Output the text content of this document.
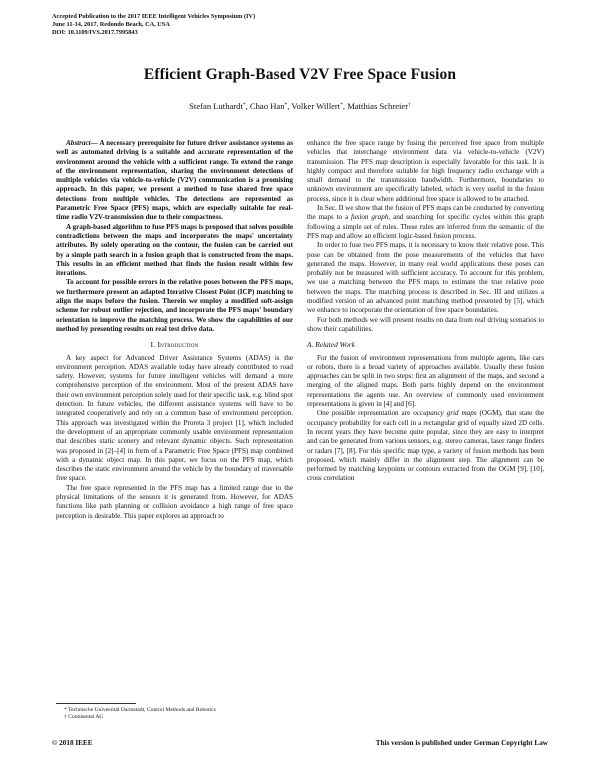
Accepted Publication to the 2017 IEEE Intelligent Vehicles Symposium (IV)
June 11-14, 2017, Redondo Beach, CA, USA
DOI: 10.1109/IVS.2017.7995843
Efficient Graph-Based V2V Free Space Fusion
Stefan Luthardt*, Chao Han*, Volker Willert*, Matthias Schreier†

Abstract— A necessary prerequisite for future driver assistance systems as well as automated driving is a suitable and accurate representation of the environment around the vehicle with a sufficient range. To extend the range of the environment representation, sharing the environment detections of multiple vehicles via vehicle-to-vehicle (V2V) communication is a promising approach. In this paper, we present a method to fuse shared free space detections from multiple vehicles. The detections are represented as Parametric Free Space (PFS) maps, which are especially suitable for real-time radio V2V-transmission due to their compactness.

A graph-based algorithm to fuse PFS maps is proposed that solves possible contradictions between the maps and incorporates the maps' uncertainty attributes. By solely operating on the contour, the fusion can be carried out by a simple path search in a fusion graph that is constructed from the maps. This results in an efficient method that finds the fusion result within few iterations.

To account for possible errors in the relative poses between the PFS maps, we furthermore present an adapted Iterative Closest Point (ICP) matching to align the maps before the fusion. Therein we employ a modified soft-assign scheme for robust outlier rejection, and incorporate the PFS maps' boundary orientation to improve the matching process. We show the capabilities of our method by presenting results on real test drive data.

I. Introduction

A key aspect for Advanced Driver Assistance Systems (ADAS) is the environment perception. ADAS available today have already contributed to road safety. However, systems for future intelligent vehicles will demand a more comprehensive perception of the environment. Most of the present ADAS have their own environment perception solely used for their specific task, e.g. blind spot detection. In future vehicles, the different assistance systems will have to be integrated cooperatively and rely on a common base of environment perception. This approach was investigated within the Proreta 3 project [1], which included the development of an appropriate commonly usable environment representation that describes static scenery and relevant dynamic objects. Such representation was proposed in [2]–[4] in form of a Parametric Free Space (PFS) map combined with a dynamic object map. In this paper, we focus on the PFS map, which describes the static environment around the vehicle by the boundary of traversable free space.

The free space represented in the PFS map has a limited range due to the physical limitations of the sensors it is generated from. However, for ADAS functions like path planning or collision avoidance a high range of free space perception is desirable. This paper explores an approach to

enhance the free space range by fusing the perceived free space from multiple vehicles that interchange environment data via vehicle-to-vehicle (V2V) transmission. The PFS map description is especially favorable for this task. It is highly compact and therefore suitable for high frequency radio exchange with a small demand to the transmission bandwidth. Furthermore, boundaries to unknown environment are specifically labeled, which is very useful in the fusion process, since it is clear where additional free space is allowed to be attached.

In Sec. II we show that the fusion of PFS maps can be conducted by converting the maps to a fusion graph, and searching for specific cycles within this graph following a simple set of rules. These rules are inferred from the semantic of the PFS map and allow an efficient logic-based fusion process.

In order to fuse two PFS maps, it is necessary to know their relative pose. This pose can be obtained from the pose measurements of the vehicles that have generated the maps. However, in many real world applications these poses can probably not be measured with sufficient accuracy. To account for this problem, we use a matching between the PFS maps to estimate the true relative pose between the maps. The matching process is described in Sec. III and utilizes a modified version of an advanced point matching method presented by [5], which we enhance to incorporate the orientation of free space boundaries.

For both methods we will present results on data from real driving scenarios to show their capabilities.

A. Related Work

For the fusion of environment representations from multiple agents, like cars or robots, there is a broad variety of approaches available. Usually these fusion approaches can be split in two steps: first an alignment of the maps, and second a merging of the aligned maps. Both parts highly depend on the environment representations the agents use. An overview of commonly used environment representations is given in [4] and [6].

One possible representation are occupancy grid maps (OGM), that state the occupancy probability for each cell in a rectangular grid of equally sized 2D cells. In recent years they have become quite popular, since they are easy to interpret and can be generated from various sensors, e.g. stereo cameras, laser range finders or radars [7], [8]. For this specific map type, a variety of fusion methods has been proposed, which mainly differ in the alignment step. The alignment can be performed by matching keypoints or contours extracted from the OGM [9], [10], cross correlation

* Technische Universität Darmstadt, Control Methods and Robotics
† Continental AG
© 2018 IEEE	This version is published under German Copyright Law
